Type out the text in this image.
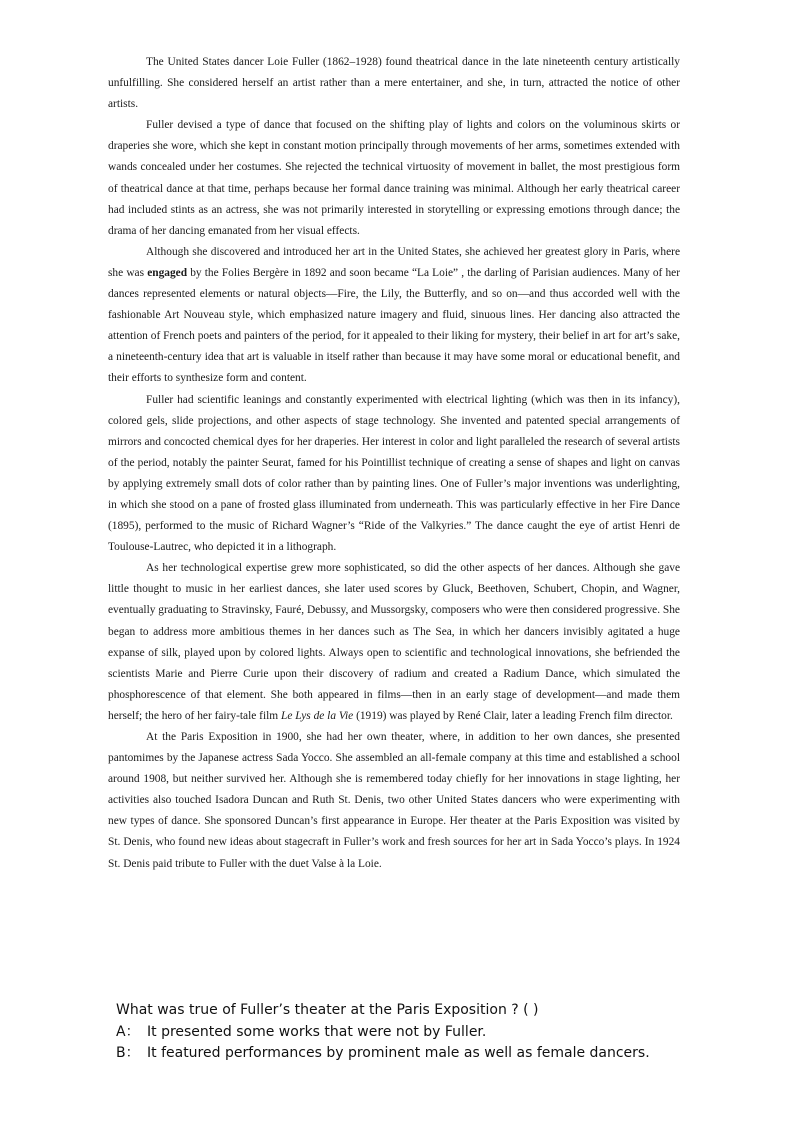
The United States dancer Loie Fuller (1862–1928) found theatrical dance in the late nineteenth century artistically unfulfilling. She considered herself an artist rather than a mere entertainer, and she, in turn, attracted the notice of other artists.

Fuller devised a type of dance that focused on the shifting play of lights and colors on the voluminous skirts or draperies she wore, which she kept in constant motion principally through movements of her arms, sometimes extended with wands concealed under her costumes. She rejected the technical virtuosity of movement in ballet, the most prestigious form of theatrical dance at that time, perhaps because her formal dance training was minimal. Although her early theatrical career had included stints as an actress, she was not primarily interested in storytelling or expressing emotions through dance; the drama of her dancing emanated from her visual effects.

Although she discovered and introduced her art in the United States, she achieved her greatest glory in Paris, where she was engaged by the Folies Bergère in 1892 and soon became “La Loie” , the darling of Parisian audiences. Many of her dances represented elements or natural objects—Fire, the Lily, the Butterfly, and so on—and thus accorded well with the fashionable Art Nouveau style, which emphasized nature imagery and fluid, sinuous lines. Her dancing also attracted the attention of French poets and painters of the period, for it appealed to their liking for mystery, their belief in art for art’s sake, a nineteenth-century idea that art is valuable in itself rather than because it may have some moral or educational benefit, and their efforts to synthesize form and content.

Fuller had scientific leanings and constantly experimented with electrical lighting (which was then in its infancy), colored gels, slide projections, and other aspects of stage technology. She invented and patented special arrangements of mirrors and concocted chemical dyes for her draperies. Her interest in color and light paralleled the research of several artists of the period, notably the painter Seurat, famed for his Pointillist technique of creating a sense of shapes and light on canvas by applying extremely small dots of color rather than by painting lines. One of Fuller’s major inventions was underlighting, in which she stood on a pane of frosted glass illuminated from underneath. This was particularly effective in her Fire Dance (1895), performed to the music of Richard Wagner’s “Ride of the Valkyries.” The dance caught the eye of artist Henri de Toulouse-Lautrec, who depicted it in a lithograph.

As her technological expertise grew more sophisticated, so did the other aspects of her dances. Although she gave little thought to music in her earliest dances, she later used scores by Gluck, Beethoven, Schubert, Chopin, and Wagner, eventually graduating to Stravinsky, Fauré, Debussy, and Mussorgsky, composers who were then considered progressive. She began to address more ambitious themes in her dances such as The Sea, in which her dancers invisibly agitated a huge expanse of silk, played upon by colored lights. Always open to scientific and technological innovations, she befriended the scientists Marie and Pierre Curie upon their discovery of radium and created a Radium Dance, which simulated the phosphorescence of that element. She both appeared in films—then in an early stage of development—and made them herself; the hero of her fairy-tale film Le Lys de la Vie (1919) was played by René Clair, later a leading French film director.

At the Paris Exposition in 1900, she had her own theater, where, in addition to her own dances, she presented pantomimes by the Japanese actress Sada Yocco. She assembled an all-female company at this time and established a school around 1908, but neither survived her. Although she is remembered today chiefly for her innovations in stage lighting, her activities also touched Isadora Duncan and Ruth St. Denis, two other United States dancers who were experimenting with new types of dance. She sponsored Duncan’s first appearance in Europe. Her theater at the Paris Exposition was visited by St. Denis, who found new ideas about stagecraft in Fuller’s work and fresh sources for her art in Sada Yocco’s plays. In 1924 St. Denis paid tribute to Fuller with the duet Valse à la Loie.

What was true of Fuller’s theater at the Paris Exposition ? ( )

A： It presented some works that were not by Fuller.

B： It featured performances by prominent male as well as female dancers.
